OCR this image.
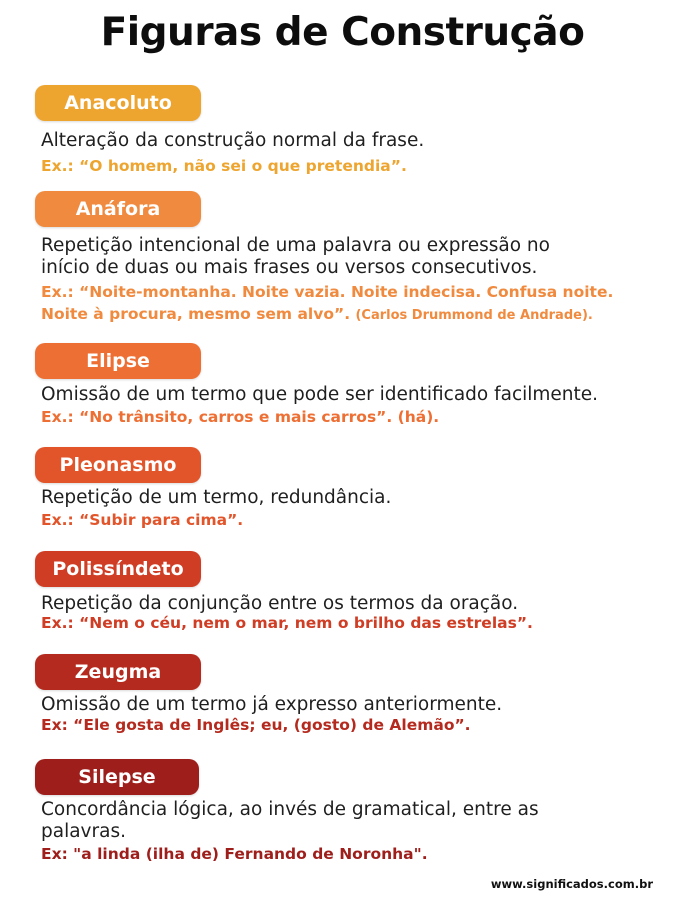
Figuras de Construção
Anacoluto
Alteração da construção normal da frase.
Ex.: “O homem, não sei o que pretendia”.
Anáfora
Repetição intencional de uma palavra ou expressão no
início de duas ou mais frases ou versos consecutivos.
Ex.: “Noite-montanha. Noite vazia. Noite indecisa. Confusa noite.
Noite à procura, mesmo sem alvo”. (Carlos Drummond de Andrade).
Elipse
Omissão de um termo que pode ser identificado facilmente.
Ex.: “No trânsito, carros e mais carros”. (há).
Pleonasmo
Repetição de um termo, redundância.
Ex.: “Subir para cima”.
Polissíndeto
Repetição da conjunção entre os termos da oração.
Ex.: “Nem o céu, nem o mar, nem o brilho das estrelas”.
Zeugma
Omissão de um termo já expresso anteriormente.
Ex: “Ele gosta de Inglês; eu, (gosto) de Alemão”.
Silepse
Concordância lógica, ao invés de gramatical, entre as
palavras.
Ex: "a linda (ilha de) Fernando de Noronha".
www.significados.com.br
